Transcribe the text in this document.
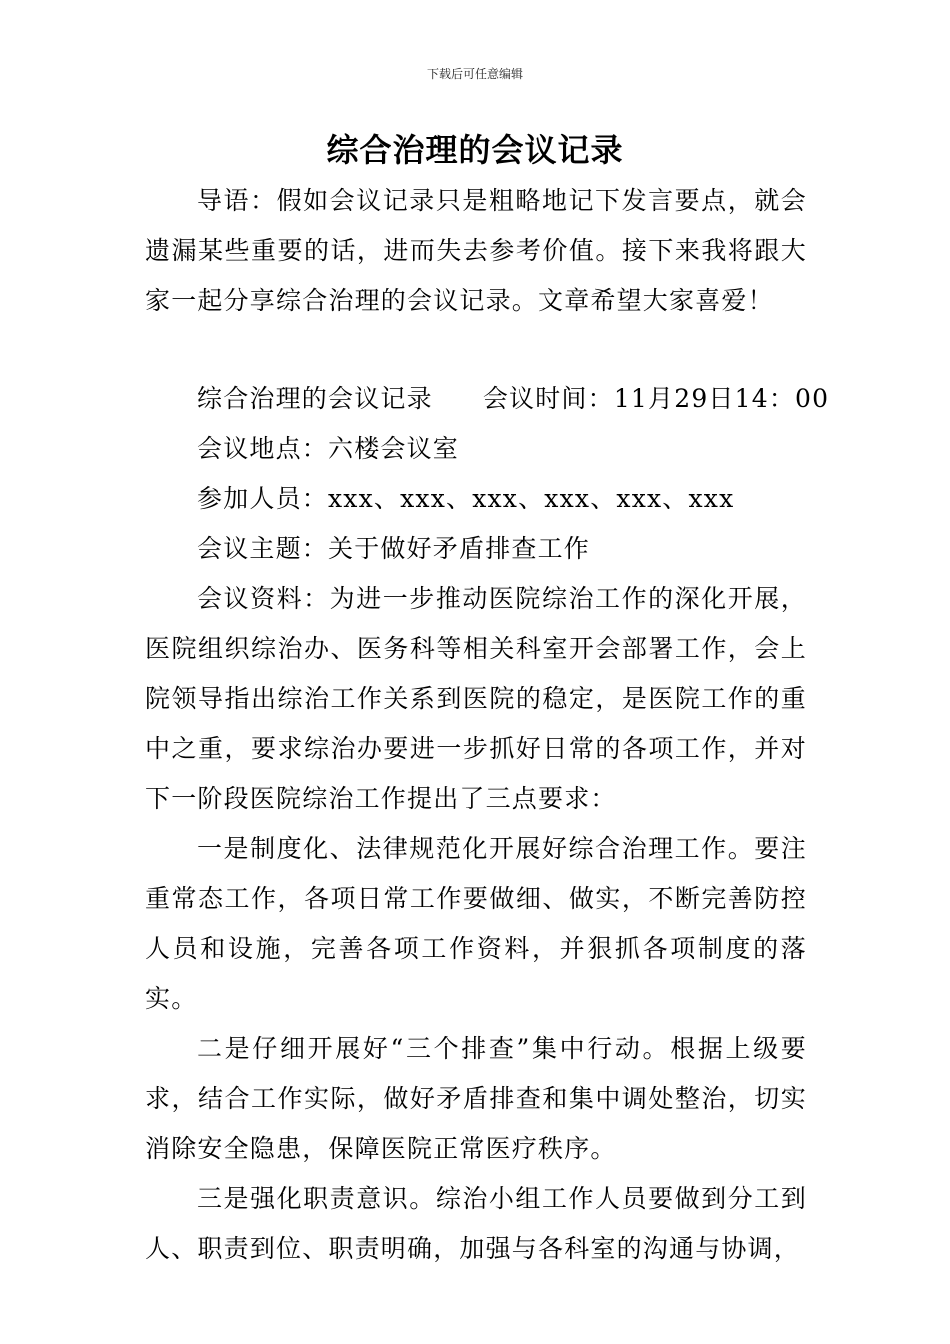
下载后可任意编辑
综合治理的会议记录

导语：假如会议记录只是粗略地记下发言要点，就会遗漏某些重要的话，进而失去参考价值。接下来我将跟大家一起分享综合治理的会议记录。文章希望大家喜爱！

综合治理的会议记录 会议时间：11月29日14：00

会议地点：六楼会议室

参加人员：xxx、xxx、xxx、xxx、xxx、xxx

会议主题：关于做好矛盾排查工作

会议资料：为进一步推动医院综治工作的深化开展，医院组织综治办、医务科等相关科室开会部署工作，会上院领导指出综治工作关系到医院的稳定，是医院工作的重中之重，要求综治办要进一步抓好日常的各项工作，并对下一阶段医院综治工作提出了三点要求：

一是制度化、法律规范化开展好综合治理工作。要注重常态工作，各项日常工作要做细、做实，不断完善防控人员和设施，完善各项工作资料，并狠抓各项制度的落实。

二是仔细开展好“三个排查”集中行动。根据上级要求，结合工作实际，做好矛盾排查和集中调处整治，切实消除安全隐患，保障医院正常医疗秩序。

三是强化职责意识。综治小组工作人员要做到分工到人、职责到位、职责明确，加强与各科室的沟通与协调，
